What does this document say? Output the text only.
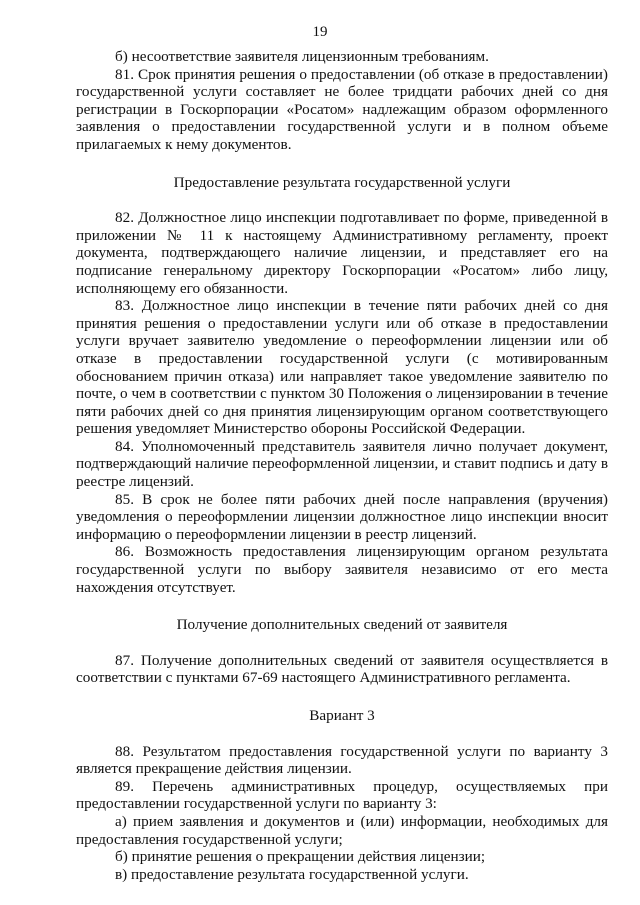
19

б) несоответствие заявителя лицензионным требованиям.

81. Срок принятия решения о предоставлении (об отказе в предоставлении) государственной услуги составляет не более тридцати рабочих дней со дня регистрации в Госкорпорации «Росатом» надлежащим образом оформленного заявления о предоставлении государственной услуги и в полном объеме прилагаемых к нему документов.

Предоставление результата государственной услуги

82. Должностное лицо инспекции подготавливает по форме, приведенной в приложении № 11 к настоящему Административному регламенту, проект документа, подтверждающего наличие лицензии, и представляет его на подписание генеральному директору Госкорпорации «Росатом» либо лицу, исполняющему его обязанности.

83. Должностное лицо инспекции в течение пяти рабочих дней со дня принятия решения о предоставлении услуги или об отказе в предоставлении услуги вручает заявителю уведомление о переоформлении лицензии или об отказе в предоставлении государственной услуги (с мотивированным обоснованием причин отказа) или направляет такое уведомление заявителю по почте, о чем в соответствии с пунктом 30 Положения о лицензировании в течение пяти рабочих дней со дня принятия лицензирующим органом соответствующего решения уведомляет Министерство обороны Российской Федерации.

84. Уполномоченный представитель заявителя лично получает документ, подтверждающий наличие переоформленной лицензии, и ставит подпись и дату в реестре лицензий.

85. В срок не более пяти рабочих дней после направления (вручения) уведомления о переоформлении лицензии должностное лицо инспекции вносит информацию о переоформлении лицензии в реестр лицензий.

86. Возможность предоставления лицензирующим органом результата государственной услуги по выбору заявителя независимо от его места нахождения отсутствует.

Получение дополнительных сведений от заявителя

87. Получение дополнительных сведений от заявителя осуществляется в соответствии с пунктами 67-69 настоящего Административного регламента.

Вариант 3

88. Результатом предоставления государственной услуги по варианту 3 является прекращение действия лицензии.

89. Перечень административных процедур, осуществляемых при предоставлении государственной услуги по варианту 3:

а) прием заявления и документов и (или) информации, необходимых для предоставления государственной услуги;

б) принятие решения о прекращении действия лицензии;

в) предоставление результата государственной услуги.
